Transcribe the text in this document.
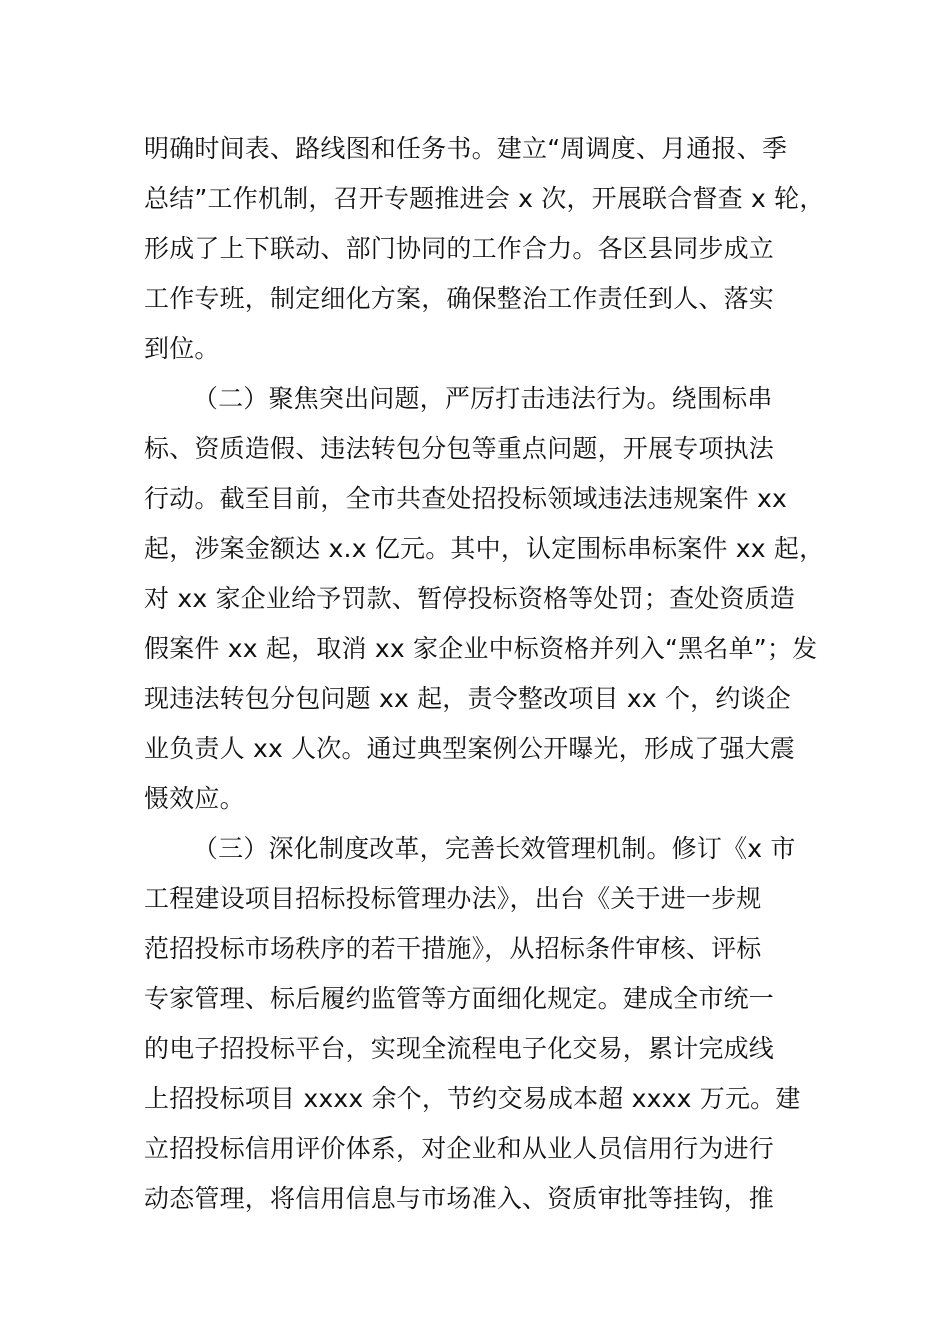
明确时间表、路线图和任务书。建立“周调度、月通报、季
总结”工作机制，召开专题推进会 x 次，开展联合督查 x 轮，
形成了上下联动、部门协同的工作合力。各区县同步成立
工作专班，制定细化方案，确保整治工作责任到人、落实
到位。
（二）聚焦突出问题，严厉打击违法行为。绕围标串
标、资质造假、违法转包分包等重点问题，开展专项执法
行动。截至目前，全市共查处招投标领域违法违规案件 xx
起，涉案金额达 x.x 亿元。其中，认定围标串标案件 xx 起，
对 xx 家企业给予罚款、暂停投标资格等处罚；查处资质造
假案件 xx 起，取消 xx 家企业中标资格并列入“黑名单”；发
现违法转包分包问题 xx 起，责令整改项目 xx 个，约谈企
业负责人 xx 人次。通过典型案例公开曝光，形成了强大震
慑效应。
（三）深化制度改革，完善长效管理机制。修订《x 市
工程建设项目招标投标管理办法》，出台《关于进一步规
范招投标市场秩序的若干措施》，从招标条件审核、评标
专家管理、标后履约监管等方面细化规定。建成全市统一
的电子招投标平台，实现全流程电子化交易，累计完成线
上招投标项目 xxxx 余个，节约交易成本超 xxxx 万元。建
立招投标信用评价体系，对企业和从业人员信用行为进行
动态管理，将信用信息与市场准入、资质审批等挂钩，推
